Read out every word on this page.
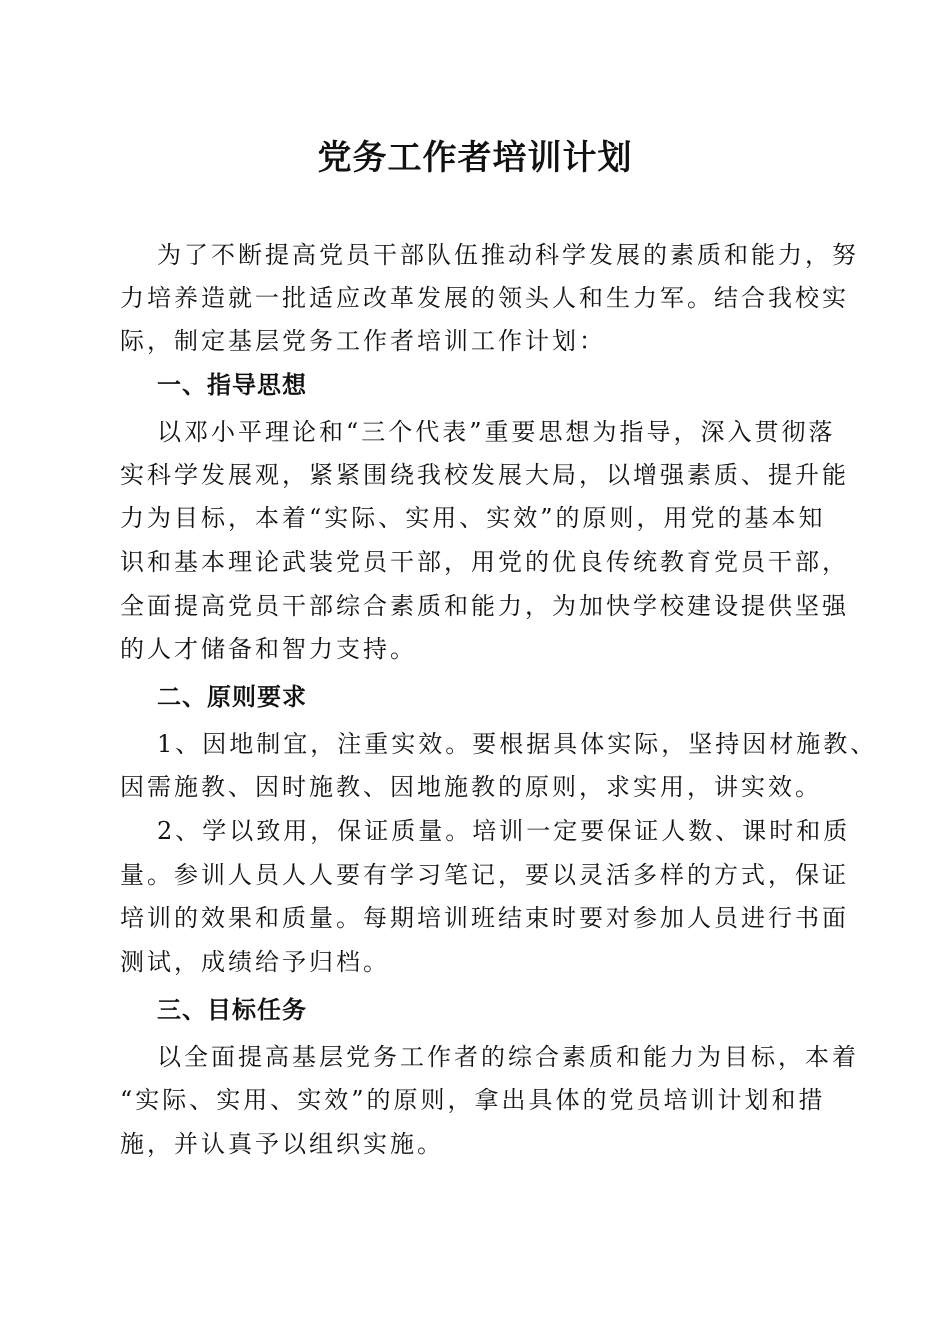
党务工作者培训计划
为了不断提高党员干部队伍推动科学发展的素质和能力，努
力培养造就一批适应改革发展的领头人和生力军。结合我校实
际，制定基层党务工作者培训工作计划：
一、指导思想
以邓小平理论和“三个代表”重要思想为指导，深入贯彻落
实科学发展观，紧紧围绕我校发展大局，以增强素质、提升能
力为目标，本着“实际、实用、实效”的原则，用党的基本知
识和基本理论武装党员干部，用党的优良传统教育党员干部，
全面提高党员干部综合素质和能力，为加快学校建设提供坚强
的人才储备和智力支持。
二、原则要求
1、因地制宜，注重实效。要根据具体实际，坚持因材施教、
因需施教、因时施教、因地施教的原则，求实用，讲实效。
2、学以致用，保证质量。培训一定要保证人数、课时和质
量。参训人员人人要有学习笔记，要以灵活多样的方式，保证
培训的效果和质量。每期培训班结束时要对参加人员进行书面
测试，成绩给予归档。
三、目标任务
以全面提高基层党务工作者的综合素质和能力为目标，本着
“实际、实用、实效”的原则，拿出具体的党员培训计划和措
施，并认真予以组织实施。
